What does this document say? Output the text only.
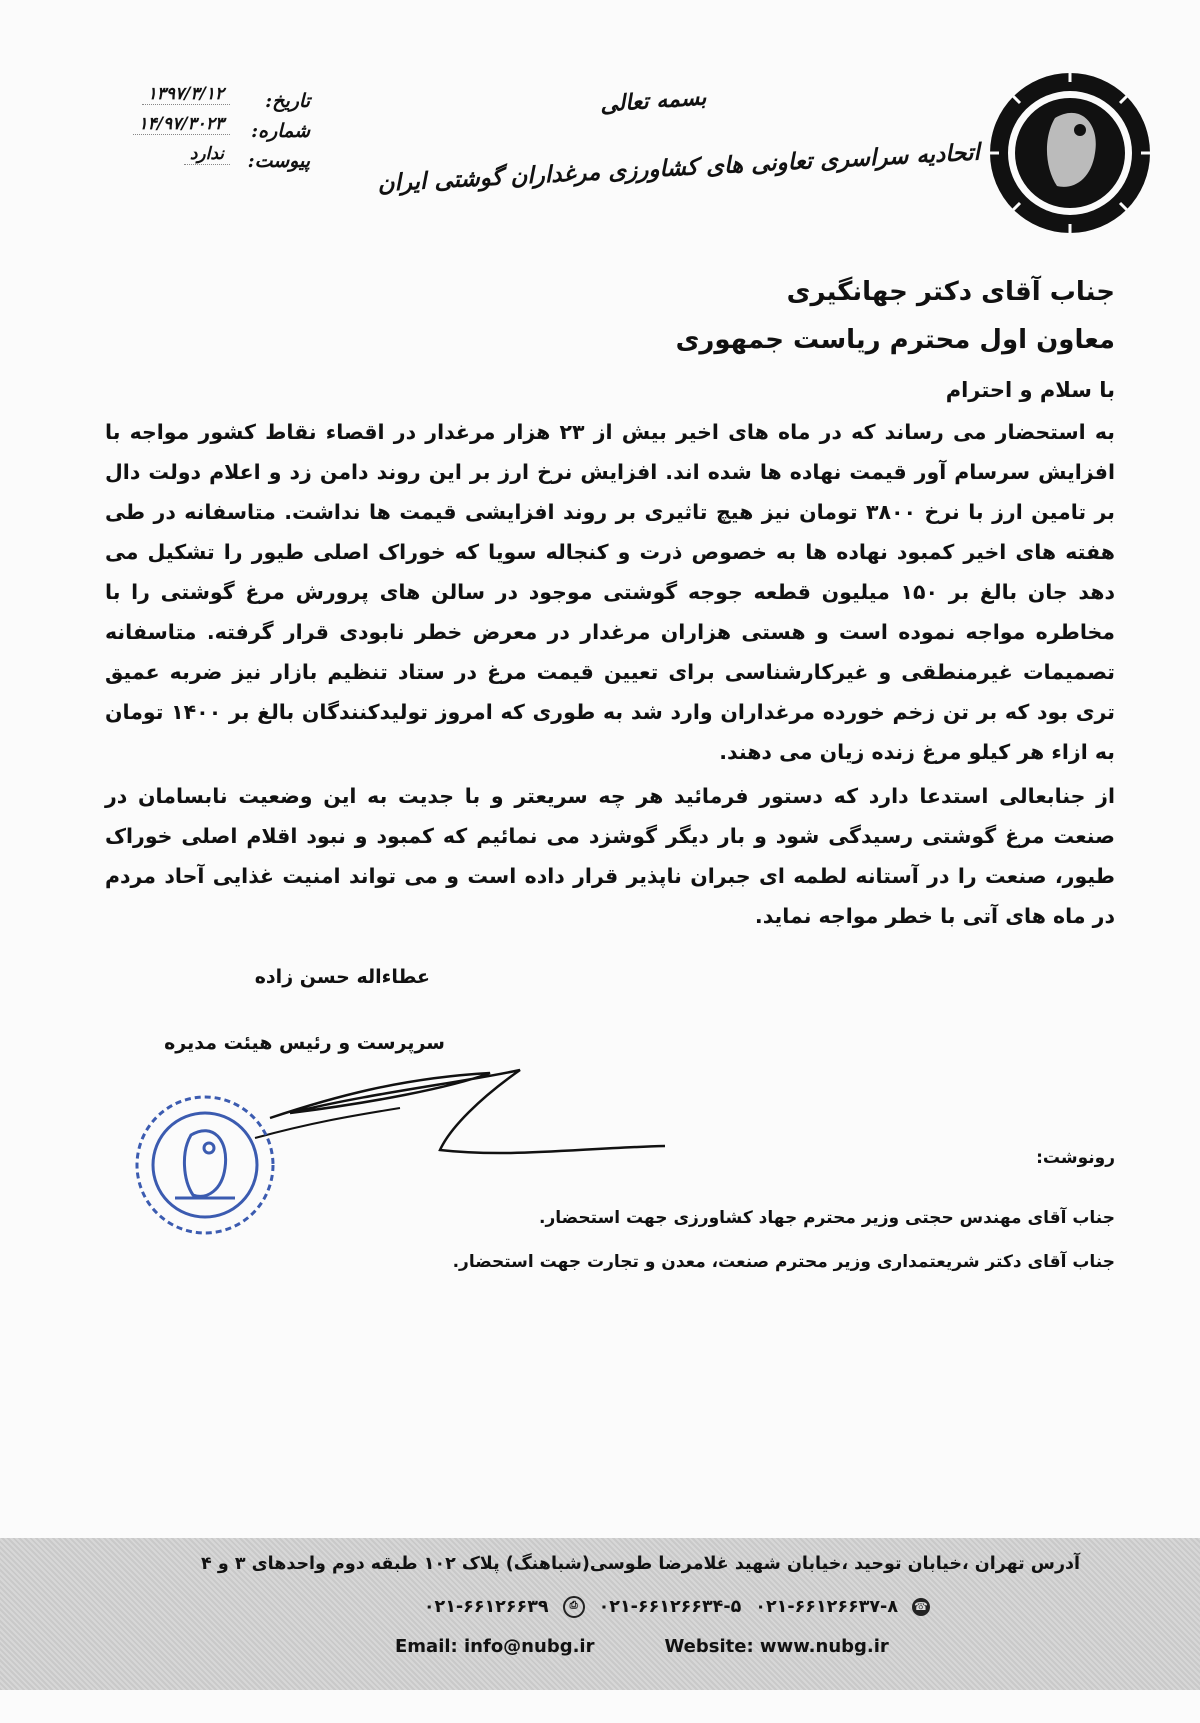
بسمه تعالی
اتحادیه سراسری تعاونی های کشاورزی مرغداران گوشتی ایران
تاریخ:
۱۳۹۷/۳/۱۲
شماره:
۱۴/۹۷/۳۰۲۳
پیوست:
ندارد
جناب آقای دکتر جهانگیری
معاون اول محترم ریاست جمهوری
با سلام و احترام
به استحضار می رساند که در ماه های اخیر بیش از ۲۳ هزار مرغدار در اقصاء نقاط کشور مواجه با افزایش سرسام آور قیمت نهاده ها شده اند. افزایش نرخ ارز بر این روند دامن زد و اعلام دولت دال بر تامین ارز با نرخ ۳۸۰۰ تومان نیز هیچ تاثیری بر روند افزایشی قیمت ها نداشت. متاسفانه در طی هفته های اخیر کمبود نهاده ها به خصوص ذرت و کنجاله سویا که خوراک اصلی طیور را تشکیل می دهد جان بالغ بر ۱۵۰ میلیون قطعه جوجه گوشتی موجود در سالن های پرورش مرغ گوشتی را با مخاطره مواجه نموده است و هستی هزاران مرغدار در معرض خطر نابودی قرار گرفته. متاسفانه تصمیمات غیرمنطقی و غیرکارشناسی برای تعیین قیمت مرغ در ستاد تنظیم بازار نیز ضربه عمیق تری بود که بر تن زخم خورده مرغداران وارد شد به طوری که امروز تولیدکنندگان بالغ بر ۱۴۰۰ تومان به ازاء هر کیلو مرغ زنده زیان می دهند.
از جنابعالی استدعا دارد که دستور فرمائید هر چه سریعتر و با جدیت به این وضعیت نابسامان در صنعت مرغ گوشتی رسیدگی شود و بار دیگر گوشزد می نمائیم که کمبود و نبود اقلام اصلی خوراک طیور، صنعت را در آستانه لطمه ای جبران ناپذیر قرار داده است و می تواند امنیت غذایی آحاد مردم در ماه های آتی با خطر مواجه نماید.
عطاءاله حسن زاده
سرپرست و رئیس هیئت مدیره
رونوشت:
جناب آقای مهندس حجتی وزیر محترم جهاد کشاورزی جهت استحضار.
جناب آقای دکتر شریعتمداری وزیر محترم صنعت، معدن و تجارت جهت استحضار.
آدرس تهران ،خیابان توحید ،خیابان شهید غلامرضا طوسی(شباهنگ) پلاک ۱۰۲ طبقه دوم واحدهای ۳ و ۴
☎
۰۲۱-۶۶۱۲۶۶۳۷-۸
۰۲۱-۶۶۱۲۶۶۳۴-۵
⎙
۰۲۱-۶۶۱۲۶۶۳۹
Email: info@nubg.ir	Website: www.nubg.ir
